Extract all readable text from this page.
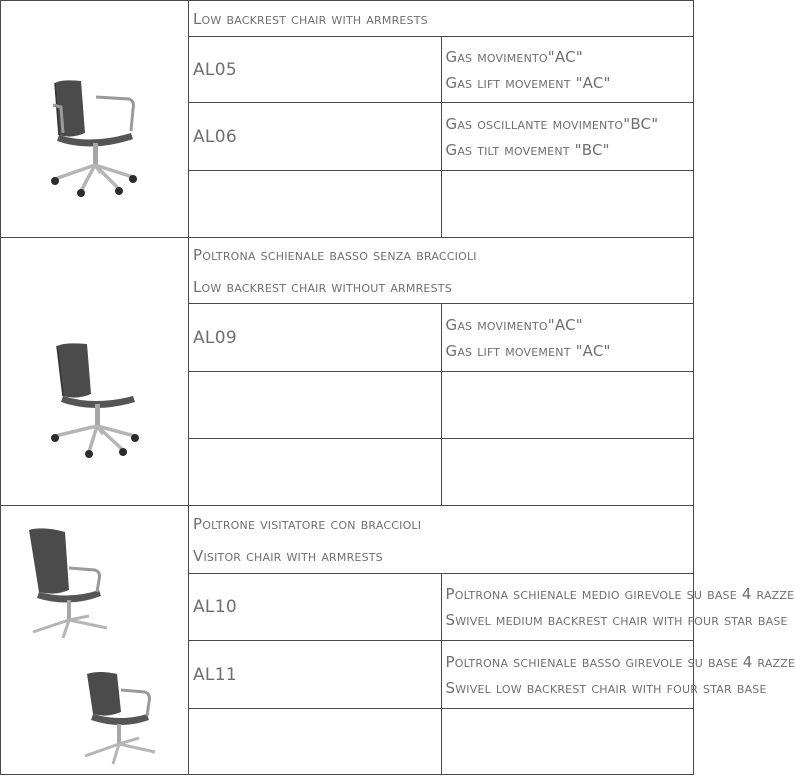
Low backrest chair with armrests	

	AL05	Gas movimento"AC"
Gas lift movement "AC"

	AL06	Gas oscillante movimento"BC"
Gas tilt movement "BC"

Poltrona schienale basso senza braccioli
Low backrest chair without armrests	

	AL09	Gas movimento"AC"
Gas lift movement "AC"

Poltrone visitatore con braccioli
Visitor chair with armrests	

	AL10	Poltrona schienale medio girevole su base 4 razze
Swivel medium backrest chair with four star base

	AL11	Poltrona schienale basso girevole su base 4 razze
Swivel low backrest chair with four star base
